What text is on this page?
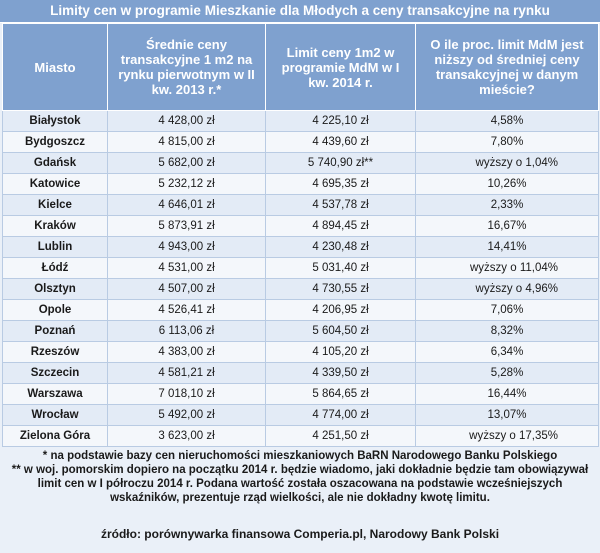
Limity cen w programie Mieszkanie dla Młodych a ceny transakcyjne na rynku
Miasto	Średnie ceny transakcyjne 1 m2 na rynku pierwotnym w II kw. 2013 r.*	Limit ceny 1m2 w programie MdM w I kw. 2014 r.	O ile proc. limit MdM jest niższy od średniej ceny transakcyjnej w danym mieście?
Białystok	4 428,00 zł	4 225,10 zł	4,58%
Bydgoszcz	4 815,00 zł	4 439,60 zł	7,80%
Gdańsk	5 682,00 zł	5 740,90 zł**	wyższy o 1,04%
Katowice	5 232,12 zł	4 695,35 zł	10,26%
Kielce	4 646,01 zł	4 537,78 zł	2,33%
Kraków	5 873,91 zł	4 894,45 zł	16,67%
Lublin	4 943,00 zł	4 230,48 zł	14,41%
Łódź	4 531,00 zł	5 031,40 zł	wyższy o 11,04%
Olsztyn	4 507,00 zł	4 730,55 zł	wyższy o 4,96%
Opole	4 526,41 zł	4 206,95 zł	7,06%
Poznań	6 113,06 zł	5 604,50 zł	8,32%
Rzeszów	4 383,00 zł	4 105,20 zł	6,34%
Szczecin	4 581,21 zł	4 339,50 zł	5,28%
Warszawa	7 018,10 zł	5 864,65 zł	16,44%
Wrocław	5 492,00 zł	4 774,00 zł	13,07%
Zielona Góra	3 623,00 zł	4 251,50 zł	wyższy o 17,35%

* na podstawie bazy cen nieruchomości mieszkaniowych BaRN Narodowego Banku Polskiego

** w woj. pomorskim dopiero na początku 2014 r. będzie wiadomo, jaki dokładnie będzie tam obowiązywał limit cen w I półroczu 2014 r. Podana wartość została oszacowana na podstawie wcześniejszych wskaźników, prezentuje rząd wielkości, ale nie dokładny kwotę limitu.

źródło: porównywarka finansowa Comperia.pl, Narodowy Bank Polski
